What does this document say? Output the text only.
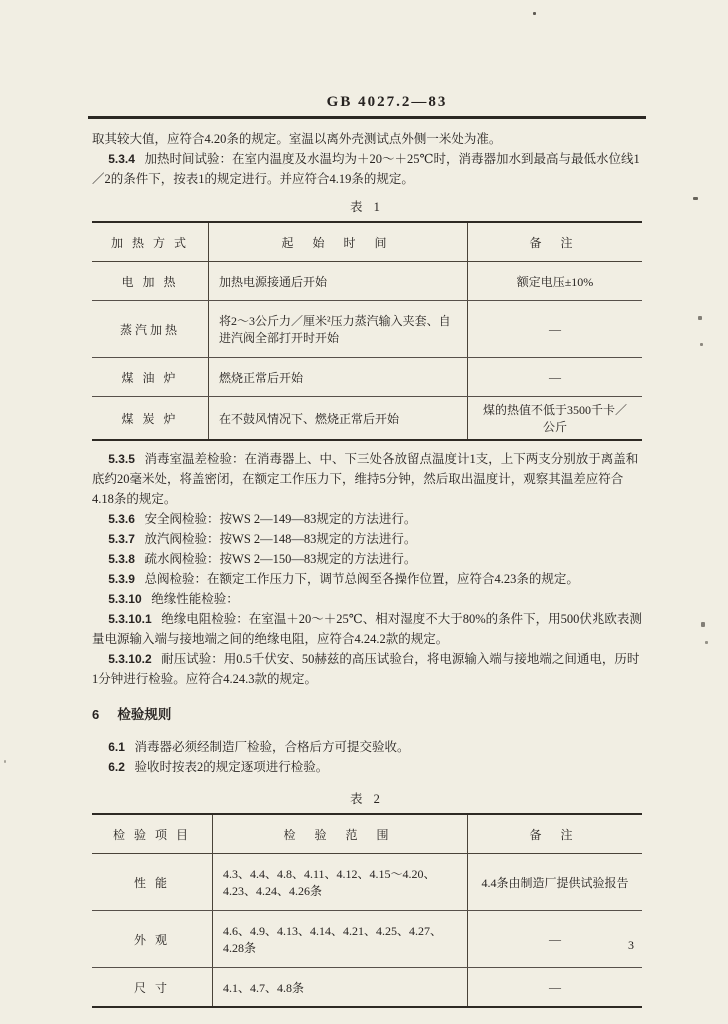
GB 4027.2—83

取其较大值，应符合4.20条的规定。室温以离外壳测试点外侧一米处为准。

5.3.4 加热时间试验：在室内温度及水温均为＋20～＋25℃时，消毒器加水到最高与最低水位线1／2的条件下，按表1的规定进行。并应符合4.19条的规定。

表 1
加 热 方 式	起 始 时 间	备 注
电 加 热	加热电源接通后开始	额定电压±10%
蒸汽加热	将2～3公斤力／厘米²压力蒸汽输入夹套、自进汽阀全部打开时开始	—
煤 油 炉	燃烧正常后开始	—
煤 炭 炉	在不鼓风情况下、燃烧正常后开始	煤的热值不低于3500千卡／公斤

5.3.5 消毒室温差检验：在消毒器上、中、下三处各放留点温度计1支，上下两支分别放于离盖和底约20毫米处，将盖密闭，在额定工作压力下，维持5分钟，然后取出温度计，观察其温差应符合4.18条的规定。

5.3.6 安全阀检验：按WS 2—149—83规定的方法进行。

5.3.7 放汽阀检验：按WS 2—148—83规定的方法进行。

5.3.8 疏水阀检验：按WS 2—150—83规定的方法进行。

5.3.9 总阀检验：在额定工作压力下，调节总阀至各操作位置，应符合4.23条的规定。

5.3.10 绝缘性能检验：

5.3.10.1 绝缘电阻检验：在室温＋20～＋25℃、相对湿度不大于80%的条件下，用500伏兆欧表测量电源输入端与接地端之间的绝缘电阻，应符合4.24.2款的规定。

5.3.10.2 耐压试验：用0.5千伏安、50赫兹的高压试验台，将电源输入端与接地端之间通电，历时1分钟进行检验。应符合4.24.3款的规定。

6 检验规则

6.1 消毒器必须经制造厂检验，合格后方可提交验收。

6.2 验收时按表2的规定逐项进行检验。

表 2
检 验 项 目	检 验 范 围	备 注
性 能	4.3、4.4、4.8、4.11、4.12、4.15～4.20、4.23、4.24、4.26条	4.4条由制造厂提供试验报告
外 观	4.6、4.9、4.13、4.14、4.21、4.25、4.27、4.28条	—
尺 寸	4.1、4.7、4.8条	—
3
